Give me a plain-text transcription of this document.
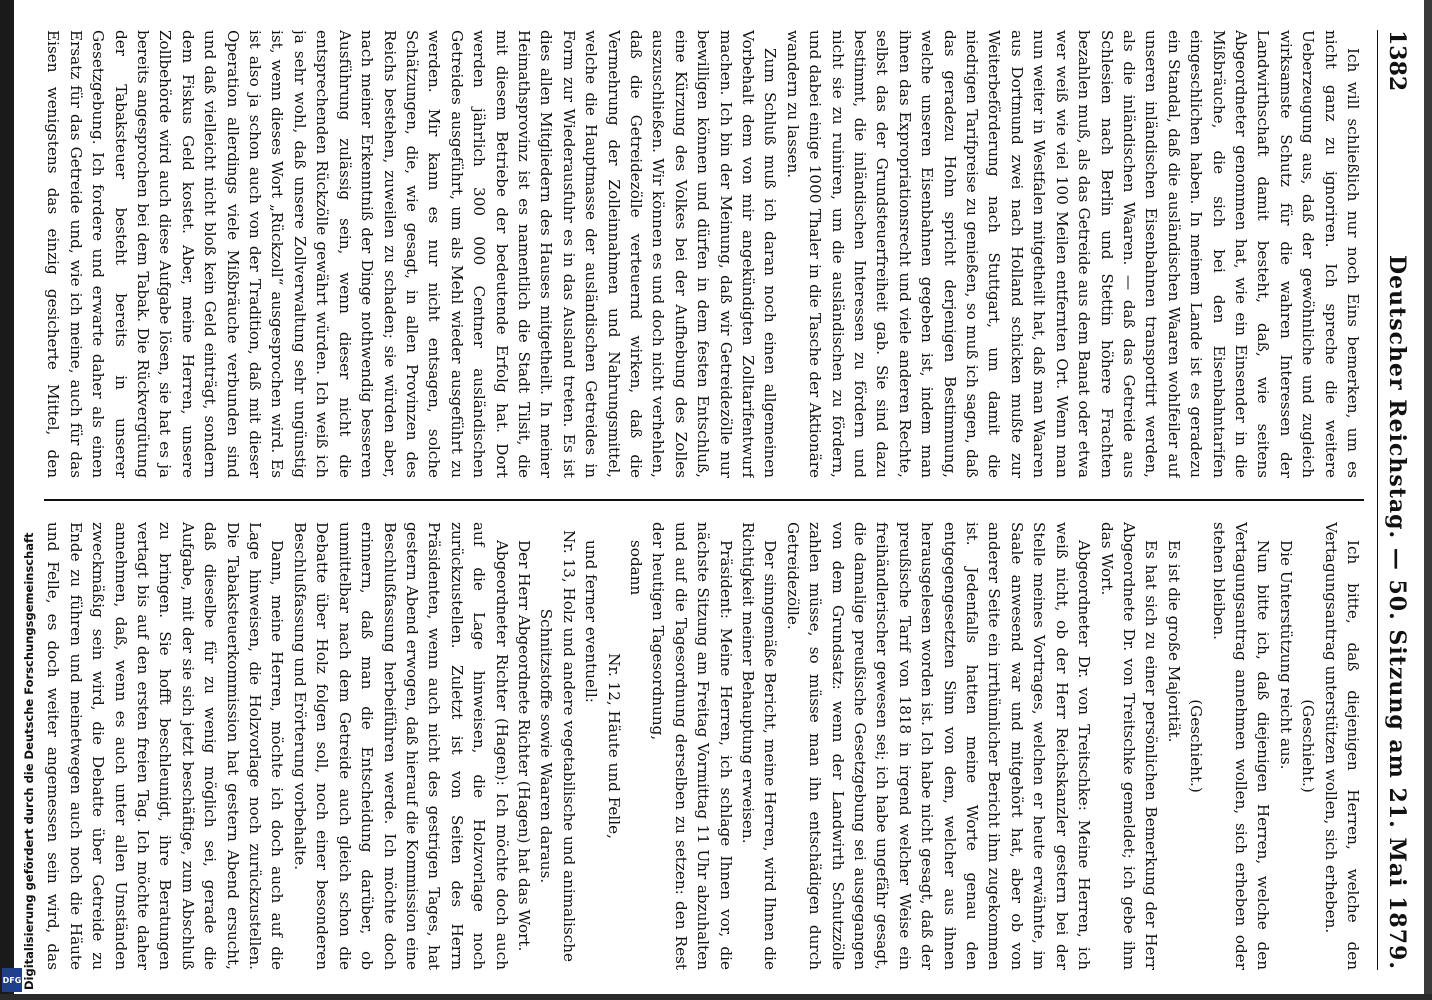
Digitalisierung gefördert durch die Deutsche Forschungsgemeinschaft
DFG
1382
Deutscher Reichstag. — 50. Sitzung am 21. Mai 1879.

Ich will schließlich nur noch Eins bemerken, um es nicht ganz zu ignoriren. Ich spreche die weitere Ueberzeugung aus, daß der gewöhnliche und zugleich wirksamste Schutz für die wahren Interessen der Landwirthschaft damit besteht, daß, wie seitens Abgeordneter genommen hat, wie ein Einsender in die Mißbräuche, die sich bei den Eisenbahntarifen eingeschlichen haben. In meinem Lande ist es geradezu ein Standal, daß die ausländischen Waaren wohlfeiler auf unseren inländischen Eisenbahnen transportirt werden, als die inländischen Waaren. — daß das Getreide aus Schlesien nach Berlin und Stettin höhere Frachten bezahlen muß, als das Getreide aus dem Banat oder etwa wer weiß wie viel 100 Meilen entfernten Ort. Wenn man nun weiter in Westfalen mitgetheilt hat, daß man Waaren aus Dortmund zwei nach Holland schicken mußte zur Weiterbeförderung nach Stuttgart, um damit die niedrigen Tarifpreise zu genießen, so muß ich sagen, daß das geradezu Hohn spricht derjenigen Bestimmung, welche unseren Eisenbahnen gegeben ist, indem man ihnen das Expropriationsrecht und viele anderen Rechte, selbst das der Grundsteuerfreiheit gab. Sie sind dazu bestimmt, die inländischen Interessen zu fördern und nicht sie zu ruiniren, um die ausländischen zu fördern, und dabei einige 1000 Thaler in die Tasche der Aktionäre wandern zu lassen.

Zum Schluß muß ich daran noch einen allgemeinen Vorbehalt dem von mir angekündigten Zolltarifentwurf machen. Ich bin der Meinung, daß wir Getreidezölle nur bewilligen können und dürfen in dem festen Entschluß, eine Kürzung des Volkes bei der Aufhebung des Zolles auszuschließen. Wir können es und doch nicht verhehlen, daß die Getreidezölle verteuernd wirken, daß die Vermehrung der Zolleinnahmen und Nahrungsmittel, welche die Hauptmasse der ausländischen Getreides in Form zur Wiederausfuhr es in das Ausland treten. Es ist dies allen Mitgliedern des Hauses mitgetheilt. In meiner Heimathsprovinz ist es namentlich die Stadt Tilsit, die mit diesem Betriebe der bedeutende Erfolg hat. Dort werden jährlich 300 000 Centner ausländischen Getreides ausgeführt, um als Mehl wieder ausgeführt zu werden. Mir kann es nur nicht entsagen, solche Schätzungen, die, wie gesagt, in allen Provinzen des Reichs bestehen, zuweilen zu schaden; sie würden aber, nach meiner Erkenntniß der Dinge nothwendig besseren Ausführung zulässig sein, wenn dieser nicht die entsprechenden Rückzölle gewährt würden. Ich weiß ich ja sehr wohl, daß unsere Zollverwaltung sehr ungünstig ist, wenn dieses Wort „Rückzoll“ ausgesprochen wird. Es ist also ja schon auch von der Tradition, daß mit dieser Operation allerdings viele Mißbräuche verbunden sind und daß vielleicht nicht bloß kein Geld einträgt, sondern dem Fiskus Geld kostet. Aber, meine Herren, unsere Zollbehörde wird auch diese Aufgabe lösen, sie hat es ja bereits angesprochen bei dem Tabak. Die Rückvergütung der Tabaksteuer besteht bereits in unserer Gesetzgebung. Ich fordere und erwarte daher als einen Ersatz für das Getreide und, wie ich meine, auch für das Eisen wenigstens das einzig gesicherte Mittel, den

Ich bitte, daß diejenigen Herren, welche den Vertagungsantrag unterstützen wollen, sich erheben.

(Geschieht.)

Die Unterstützung reicht aus.

Nun bitte ich, daß diejenigen Herren, welche den Vertagungsantrag annehmen wollen, sich erheben oder stehen bleiben.

(Geschieht.)

Es ist die große Majorität.

Es hat sich zu einer persönlichen Bemerkung der Herr Abgeordnete Dr. von Treitschke gemeldet; ich gebe ihm das Wort.

Abgeordneter Dr. von Treitschke: Meine Herren, ich weiß nicht, ob der Herr Reichskanzler gestern bei der Stelle meines Vortrages, welchen er heute erwähnte, im Saale anwesend war und mitgehört hat, aber ob von anderer Seite ein irrthümlicher Bericht ihm zugekommen ist. Jedenfalls hatten meine Worte genau den entgegengesetzten Sinn von dem, welcher aus ihnen herausgelesen worden ist. Ich habe nicht gesagt, daß der preußische Tarif von 1818 in irgend welcher Weise ein freihändlerischer gewesen sei; ich habe ungefähr gesagt, die damalige preußische Gesetzgebung sei ausgegangen von dem Grundsatz: wenn der Landwirth Schutzzölle zahlen müsse, so müsse man ihn entschädigen durch Getreidezölle.

Der sinngemäße Bericht, meine Herren, wird Ihnen die Richtigkeit meiner Behauptung erweisen.

Präsident: Meine Herren, ich schlage Ihnen vor, die nächste Sitzung am Freitag Vormittag 11 Uhr abzuhalten und auf die Tagesordnung derselben zu setzen: den Rest der heutigen Tagesordnung,

sodann

Nr. 12, Häute und Felle,

und ferner eventuell:

Nr. 13, Holz und andere vegetabilische und animalische Schnitzstoffe sowie Waaren daraus.

Der Herr Abgeordnete Richter (Hagen) hat das Wort.

Abgeordneter Richter (Hagen): Ich möchte doch auch auf die Lage hinweisen, die Holzvorlage noch zurückzustellen. Zuletzt ist von Seiten des Herrn Präsidenten, wenn auch nicht des gestrigen Tages, hat gestern Abend erwogen, daß hierauf die Kommission eine Beschlußfassung herbeiführen werde. Ich möchte doch erinnern, daß man die Entscheidung darüber, ob unmittelbar nach dem Getreide auch gleich schon die Debatte über Holz folgen soll, noch einer besonderen Beschlußfassung und Erörterung vorbehalte.

Dann, meine Herren, möchte ich doch auch auf die Lage hinweisen, die Holzvorlage noch zurückzustellen. Die Tabaksteuerkommission hat gestern Abend ersucht, daß dieselbe für zu wenig möglich sei, gerade die Aufgabe, mit der sie sich jetzt beschäftige, zum Abschluß zu bringen. Sie hofft beschleunigt, ihre Beratungen vertagt bis auf den ersten freien Tag. Ich möchte daher annehmen, daß, wenn es auch unter allen Umständen zweckmäßig sein wird, die Debatte über Getreide zu Ende zu führen und meinetwegen auch noch die Häute und Felle, es doch weiter angemessen sein wird, das
